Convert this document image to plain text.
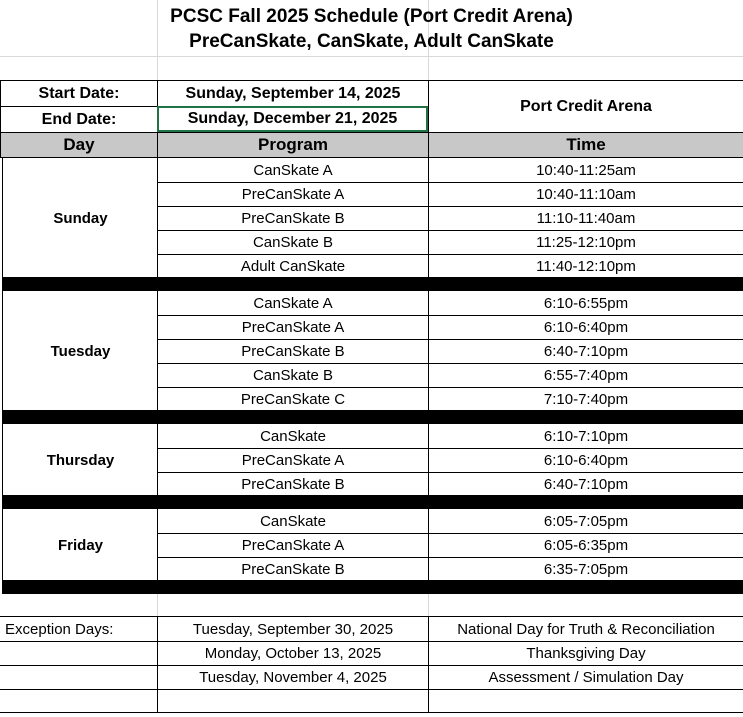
PCSC Fall 2025 Schedule (Port Credit Arena)
PreCanSkate, CanSkate, Adult CanSkate
Start Date:	Sunday, September 14, 2025
End Date:	Sunday, December 21, 2025
Port Credit Arena
Day	Program	Time
Sunday
CanSkate A	10:40-11:25am
PreCanSkate A	10:40-11:10am
PreCanSkate B	11:10-11:40am
CanSkate B	11:25-12:10pm
Adult CanSkate	11:40-12:10pm
Tuesday
CanSkate A	6:10-6:55pm
PreCanSkate A	6:10-6:40pm
PreCanSkate B	6:40-7:10pm
CanSkate B	6:55-7:40pm
PreCanSkate C	7:10-7:40pm
Thursday
CanSkate	6:10-7:10pm
PreCanSkate A	6:10-6:40pm
PreCanSkate B	6:40-7:10pm
Friday
CanSkate	6:05-7:05pm
PreCanSkate A	6:05-6:35pm
PreCanSkate B	6:35-7:05pm
Exception Days:	Tuesday, September 30, 2025	National Day for Truth & Reconciliation
Monday, October 13, 2025	Thanksgiving Day
Tuesday, November 4, 2025	Assessment / Simulation Day
